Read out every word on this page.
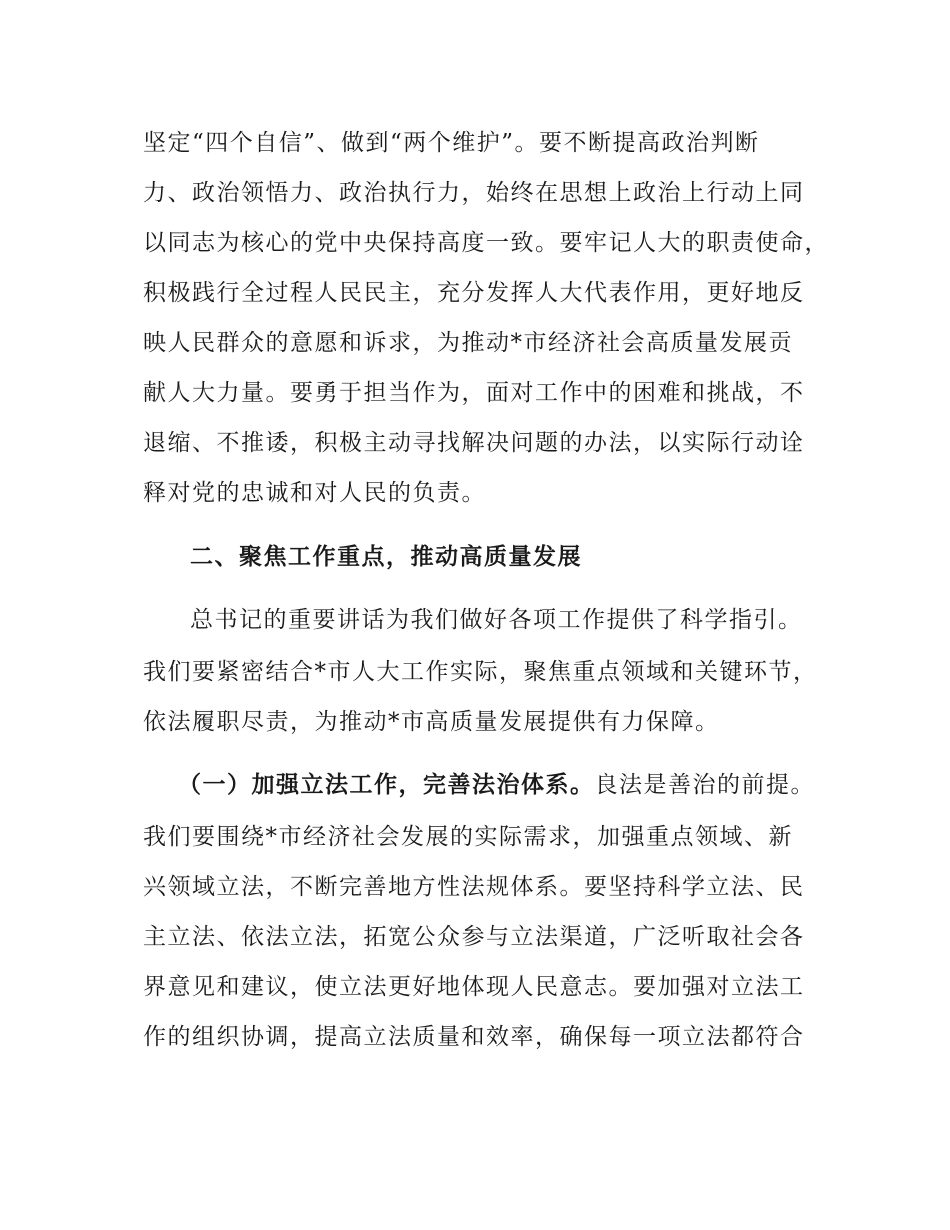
坚定“四个自信”、做到“两个维护”。要不断提高政治判断
力、政治领悟力、政治执行力，始终在思想上政治上行动上同
以同志为核心的党中央保持高度一致。要牢记人大的职责使命，
积极践行全过程人民民主，充分发挥人大代表作用，更好地反
映人民群众的意愿和诉求，为推动*市经济社会高质量发展贡
献人大力量。要勇于担当作为，面对工作中的困难和挑战，不
退缩、不推诿，积极主动寻找解决问题的办法，以实际行动诠
释对党的忠诚和对人民的负责。
二、聚焦工作重点，推动高质量发展
总书记的重要讲话为我们做好各项工作提供了科学指引。
我们要紧密结合*市人大工作实际，聚焦重点领域和关键环节，
依法履职尽责，为推动*市高质量发展提供有力保障。
（一）加强立法工作，完善法治体系。良法是善治的前提。
我们要围绕*市经济社会发展的实际需求，加强重点领域、新
兴领域立法，不断完善地方性法规体系。要坚持科学立法、民
主立法、依法立法，拓宽公众参与立法渠道，广泛听取社会各
界意见和建议，使立法更好地体现人民意志。要加强对立法工
作的组织协调，提高立法质量和效率，确保每一项立法都符合
